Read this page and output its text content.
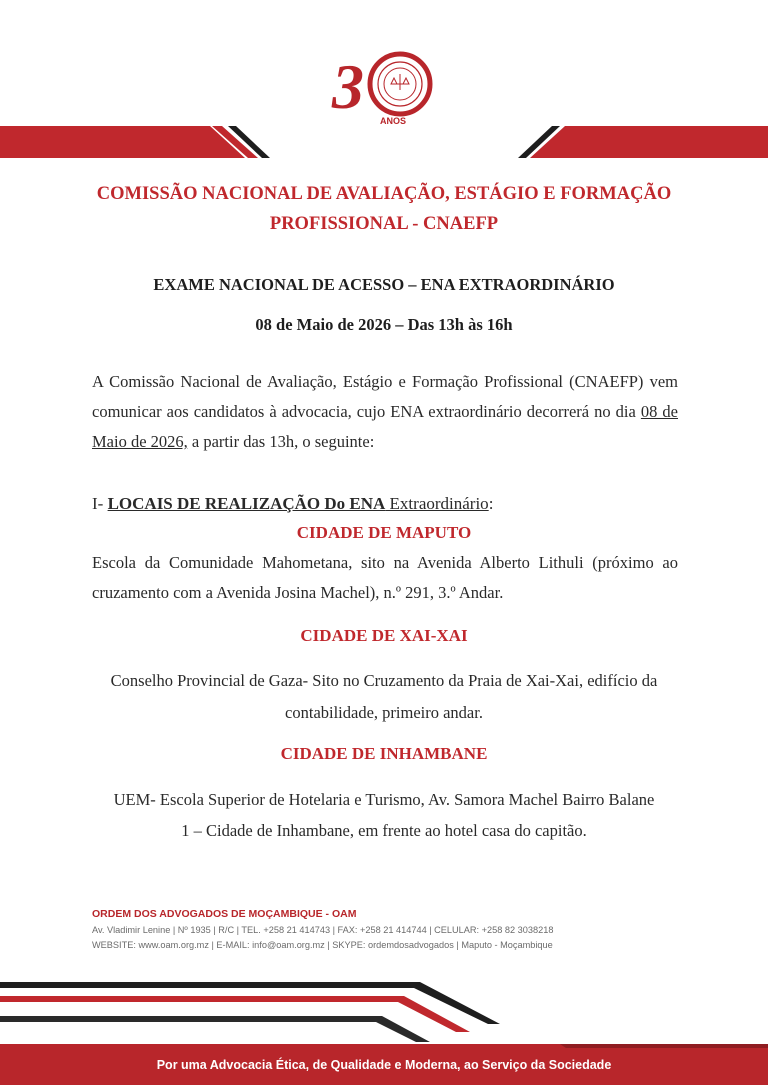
3 ANOS
COMISSÃO NACIONAL DE AVALIAÇÃO, ESTÁGIO E FORMAÇÃO
PROFISSIONAL - CNAEFP
EXAME NACIONAL DE ACESSO – ENA EXTRAORDINÁRIO
08 de Maio de 2026 – Das 13h às 16h
A Comissão Nacional de Avaliação, Estágio e Formação Profissional (CNAEFP) vem comunicar aos candidatos à advocacia, cujo ENA extraordinário decorrerá no dia 08 de Maio de 2026, a partir das 13h, o seguinte:
I- LOCAIS DE REALIZAÇÃO Do ENA Extraordinário:
CIDADE DE MAPUTO
Escola da Comunidade Mahometana, sito na Avenida Alberto Lithuli (próximo ao cruzamento com a Avenida Josina Machel), n.º 291, 3.º Andar.
CIDADE DE XAI-XAI
Conselho Provincial de Gaza- Sito no Cruzamento da Praia de Xai-Xai, edifício da
contabilidade, primeiro andar.
CIDADE DE INHAMBANE
UEM- Escola Superior de Hotelaria e Turismo, Av. Samora Machel Bairro Balane
1 – Cidade de Inhambane, em frente ao hotel casa do capitão.
ORDEM DOS ADVOGADOS DE MOÇAMBIQUE - OAM
Av. Vladimir Lenine | Nº 1935 | R/C | TEL. +258 21 414743 | FAX: +258 21 414744 | CELULAR: +258 82 3038218
WEBSITE: www.oam.org.mz | E-MAIL: info@oam.org.mz | SKYPE: ordemdosadvogados | Maputo - Moçambique
Por uma Advocacia Ética, de Qualidade e Moderna, ao Serviço da Sociedade
